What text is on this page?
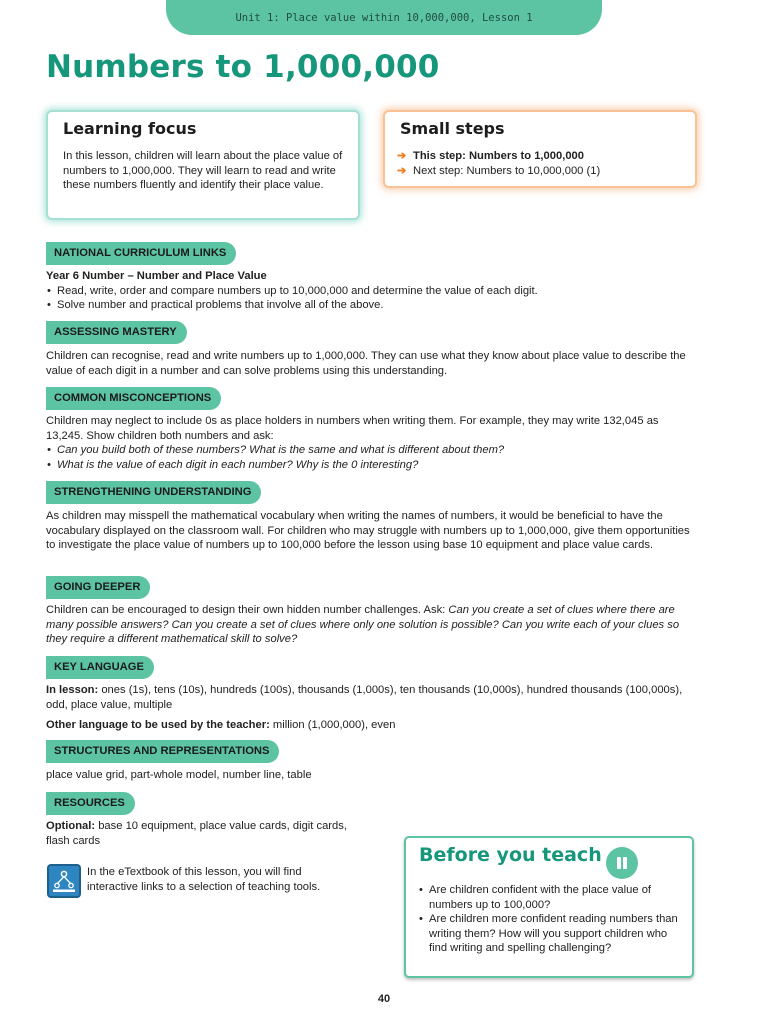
Unit 1: Place value within 10,000,000, Lesson 1
Numbers to 1,000,000
Learning focus
In this lesson, children will learn about the place value of numbers to 1,000,000. They will learn to read and write these numbers fluently and identify their place value.
Small steps
➔ This step: Numbers to 1,000,000
➔ Next step: Numbers to 10,000,000 (1)
NATIONAL CURRICULUM LINKS
Year 6 Number – Number and Place Value
• Read, write, order and compare numbers up to 10,000,000 and determine the value of each digit.
• Solve number and practical problems that involve all of the above.
ASSESSING MASTERY
Children can recognise, read and write numbers up to 1,000,000. They can use what they know about place value to describe the value of each digit in a number and can solve problems using this understanding.
COMMON MISCONCEPTIONS
Children may neglect to include 0s as place holders in numbers when writing them. For example, they may write 132,045 as 13,245. Show children both numbers and ask:
• Can you build both of these numbers? What is the same and what is different about them?
• What is the value of each digit in each number? Why is the 0 interesting?
STRENGTHENING UNDERSTANDING
As children may misspell the mathematical vocabulary when writing the names of numbers, it would be beneficial to have the vocabulary displayed on the classroom wall. For children who may struggle with numbers up to 1,000,000, give them opportunities to investigate the place value of numbers up to 100,000 before the lesson using base 10 equipment and place value cards.
GOING DEEPER
Children can be encouraged to design their own hidden number challenges. Ask: Can you create a set of clues where there are many possible answers? Can you create a set of clues where only one solution is possible? Can you write each of your clues so they require a different mathematical skill to solve?
KEY LANGUAGE
In lesson: ones (1s), tens (10s), hundreds (100s), thousands (1,000s), ten thousands (10,000s), hundred thousands (100,000s), odd, place value, multiple
Other language to be used by the teacher: million (1,000,000), even
STRUCTURES AND REPRESENTATIONS
place value grid, part-whole model, number line, table
RESOURCES
Optional: base 10 equipment, place value cards, digit cards, flash cards
In the eTextbook of this lesson, you will find interactive links to a selection of teaching tools.
Before you teach
• Are children confident with the place value of numbers up to 100,000?
• Are children more confident reading numbers than writing them? How will you support children who find writing and spelling challenging?
40
